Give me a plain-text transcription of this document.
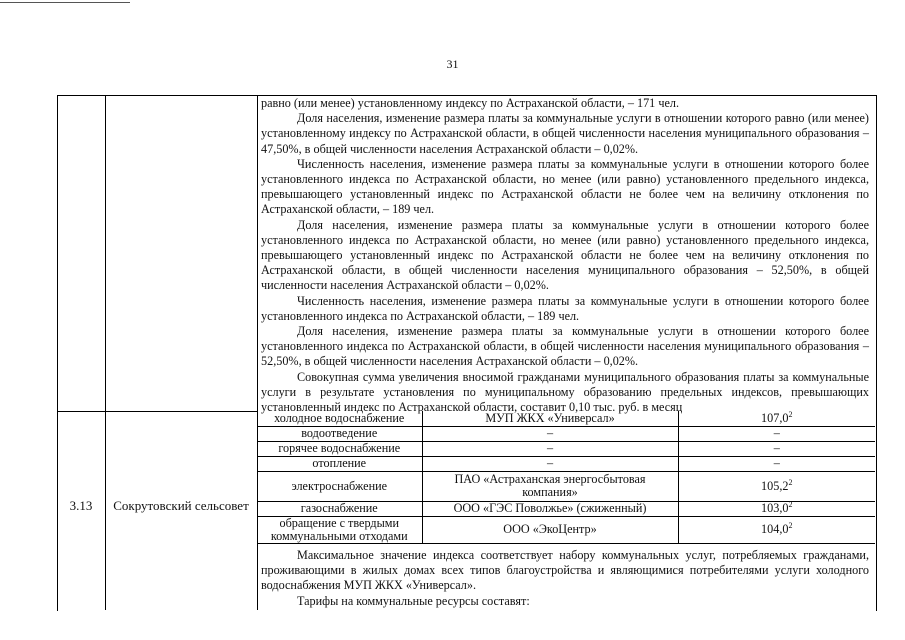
31
3.13	Сокрутовский сельсовет

равно (или менее) установленному индексу по Астраханской области, – 171 чел.

Доля населения, изменение размера платы за коммунальные услуги в отношении которого равно (или менее) установленному индексу по Астраханской области, в общей численности населения муниципального образования – 47,50%, в общей численности населения Астраханской области – 0,02%.

Численность населения, изменение размера платы за коммунальные услуги в отношении которого более установленного индекса по Астраханской области, но менее (или равно) установленного предельного индекса, превышающего установленный индекс по Астраханской области не более чем на величину отклонения по Астраханской области, – 189 чел.

Доля населения, изменение размера платы за коммунальные услуги в отношении которого более установленного индекса по Астраханской области, но менее (или равно) установленного предельного индекса, превышающего установленный индекс по Астраханской области не более чем на величину отклонения по Астраханской области, в общей численности населения муниципального образования – 52,50%, в общей численности населения Астраханской области – 0,02%.

Численность населения, изменение размера платы за коммунальные услуги в отношении которого более установленного индекса по Астраханской области, – 189 чел.

Доля населения, изменение размера платы за коммунальные услуги в отношении которого более установленного индекса по Астраханской области, в общей численности населения муниципального образования – 52,50%, в общей численности населения Астраханской области – 0,02%.

Совокупная сумма увеличения вносимой гражданами муниципального образования платы за коммунальные услуги в результате установления по муниципальному образованию предельных индексов, превышающих установленный индекс по Астраханской области, составит 0,10 тыс. руб. в месяц

холодное водоснабжение	МУП ЖКХ «Универсал»	107,0$^2$
водоотведение	–	–
горячее водоснабжение	–	–
отопление	–	–
электроснабжение	ПАО «Астраханская энергосбытовая компания»	105,2$^2$
газоснабжение	ООО «ГЭС Поволжье» (сжиженный)	103,0$^2$
обращение с твердыми коммунальными отходами	ООО «ЭкоЦентр»	104,0$^2$

Максимальное значение индекса соответствует набору коммунальных услуг, потребляемых гражданами, проживающими в жилых домах всех типов благоустройства и являющимися потребителями услуги холодного водоснабжения МУП ЖКХ «Универсал».

Тарифы на коммунальные ресурсы составят:
